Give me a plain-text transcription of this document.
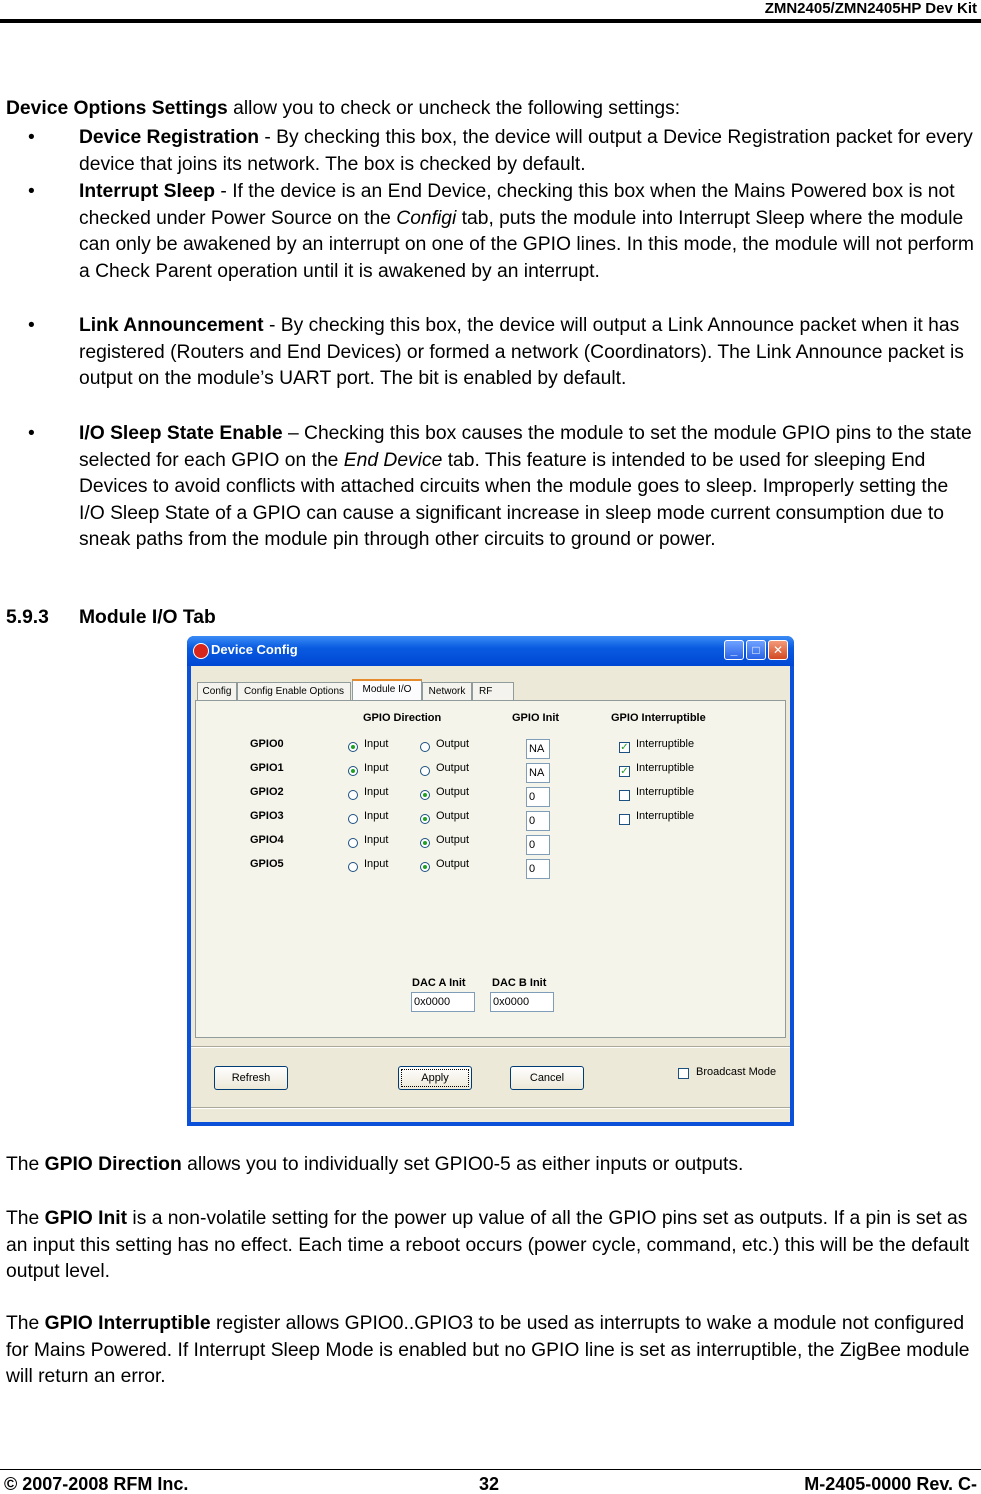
ZMN2405/ZMN2405HP Dev Kit
Device Options Settings allow you to check or uncheck the following settings:
• Device Registration - By checking this box, the device will output a Device Registration packet for every device that joins its network. The box is checked by default.
• Interrupt Sleep - If the device is an End Device, checking this box when the Mains Powered box is not checked under Power Source on the Configi tab, puts the module into Interrupt Sleep where the module can only be awakened by an interrupt on one of the GPIO lines. In this mode, the module will not perform a Check Parent operation until it is awakened by an interrupt.
• Link Announcement - By checking this box, the device will output a Link Announce packet when it has registered (Routers and End Devices) or formed a network (Coordinators). The Link Announce packet is output on the module’s UART port. The bit is enabled by default.
• I/O Sleep State Enable – Checking this box causes the module to set the module GPIO pins to the state selected for each GPIO on the End Device tab. This feature is intended to be used for sleeping End Devices to avoid conflicts with attached circuits when the module goes to sleep. Improperly setting the I/O Sleep State of a GPIO can cause a significant increase in sleep mode current consumption due to sneak paths from the module pin through other circuits to ground or power.
5.9.3 Module I/O Tab
Device Config	_	□	✕
Config	Config Enable Options	Module I/O	Network	RF
GPIO Direction	GPIO Init	GPIO Interruptible
GPIO0	Input	Output	NA	✓ Interruptible
GPIO1	Input	Output	NA	✓ Interruptible
GPIO2	Input	Output	0	Interruptible
GPIO3	Input	Output	0	Interruptible
GPIO4	Input	Output	0
GPIO5	Input	Output	0
DAC A Init
0x0000
DAC B Init
0x0000
Refresh	Apply	Cancel	Broadcast Mode
The GPIO Direction allows you to individually set GPIO0-5 as either inputs or outputs.
The GPIO Init is a non-volatile setting for the power up value of all the GPIO pins set as outputs. If a pin is set as an input this setting has no effect. Each time a reboot occurs (power cycle, command, etc.) this will be the default output level.
The GPIO Interruptible register allows GPIO0..GPIO3 to be used as interrupts to wake a module not configured for Mains Powered. If Interrupt Sleep Mode is enabled but no GPIO line is set as interruptible, the ZigBee module will return an error.
© 2007-2008 RFM Inc.	32	M-2405-0000 Rev. C-
